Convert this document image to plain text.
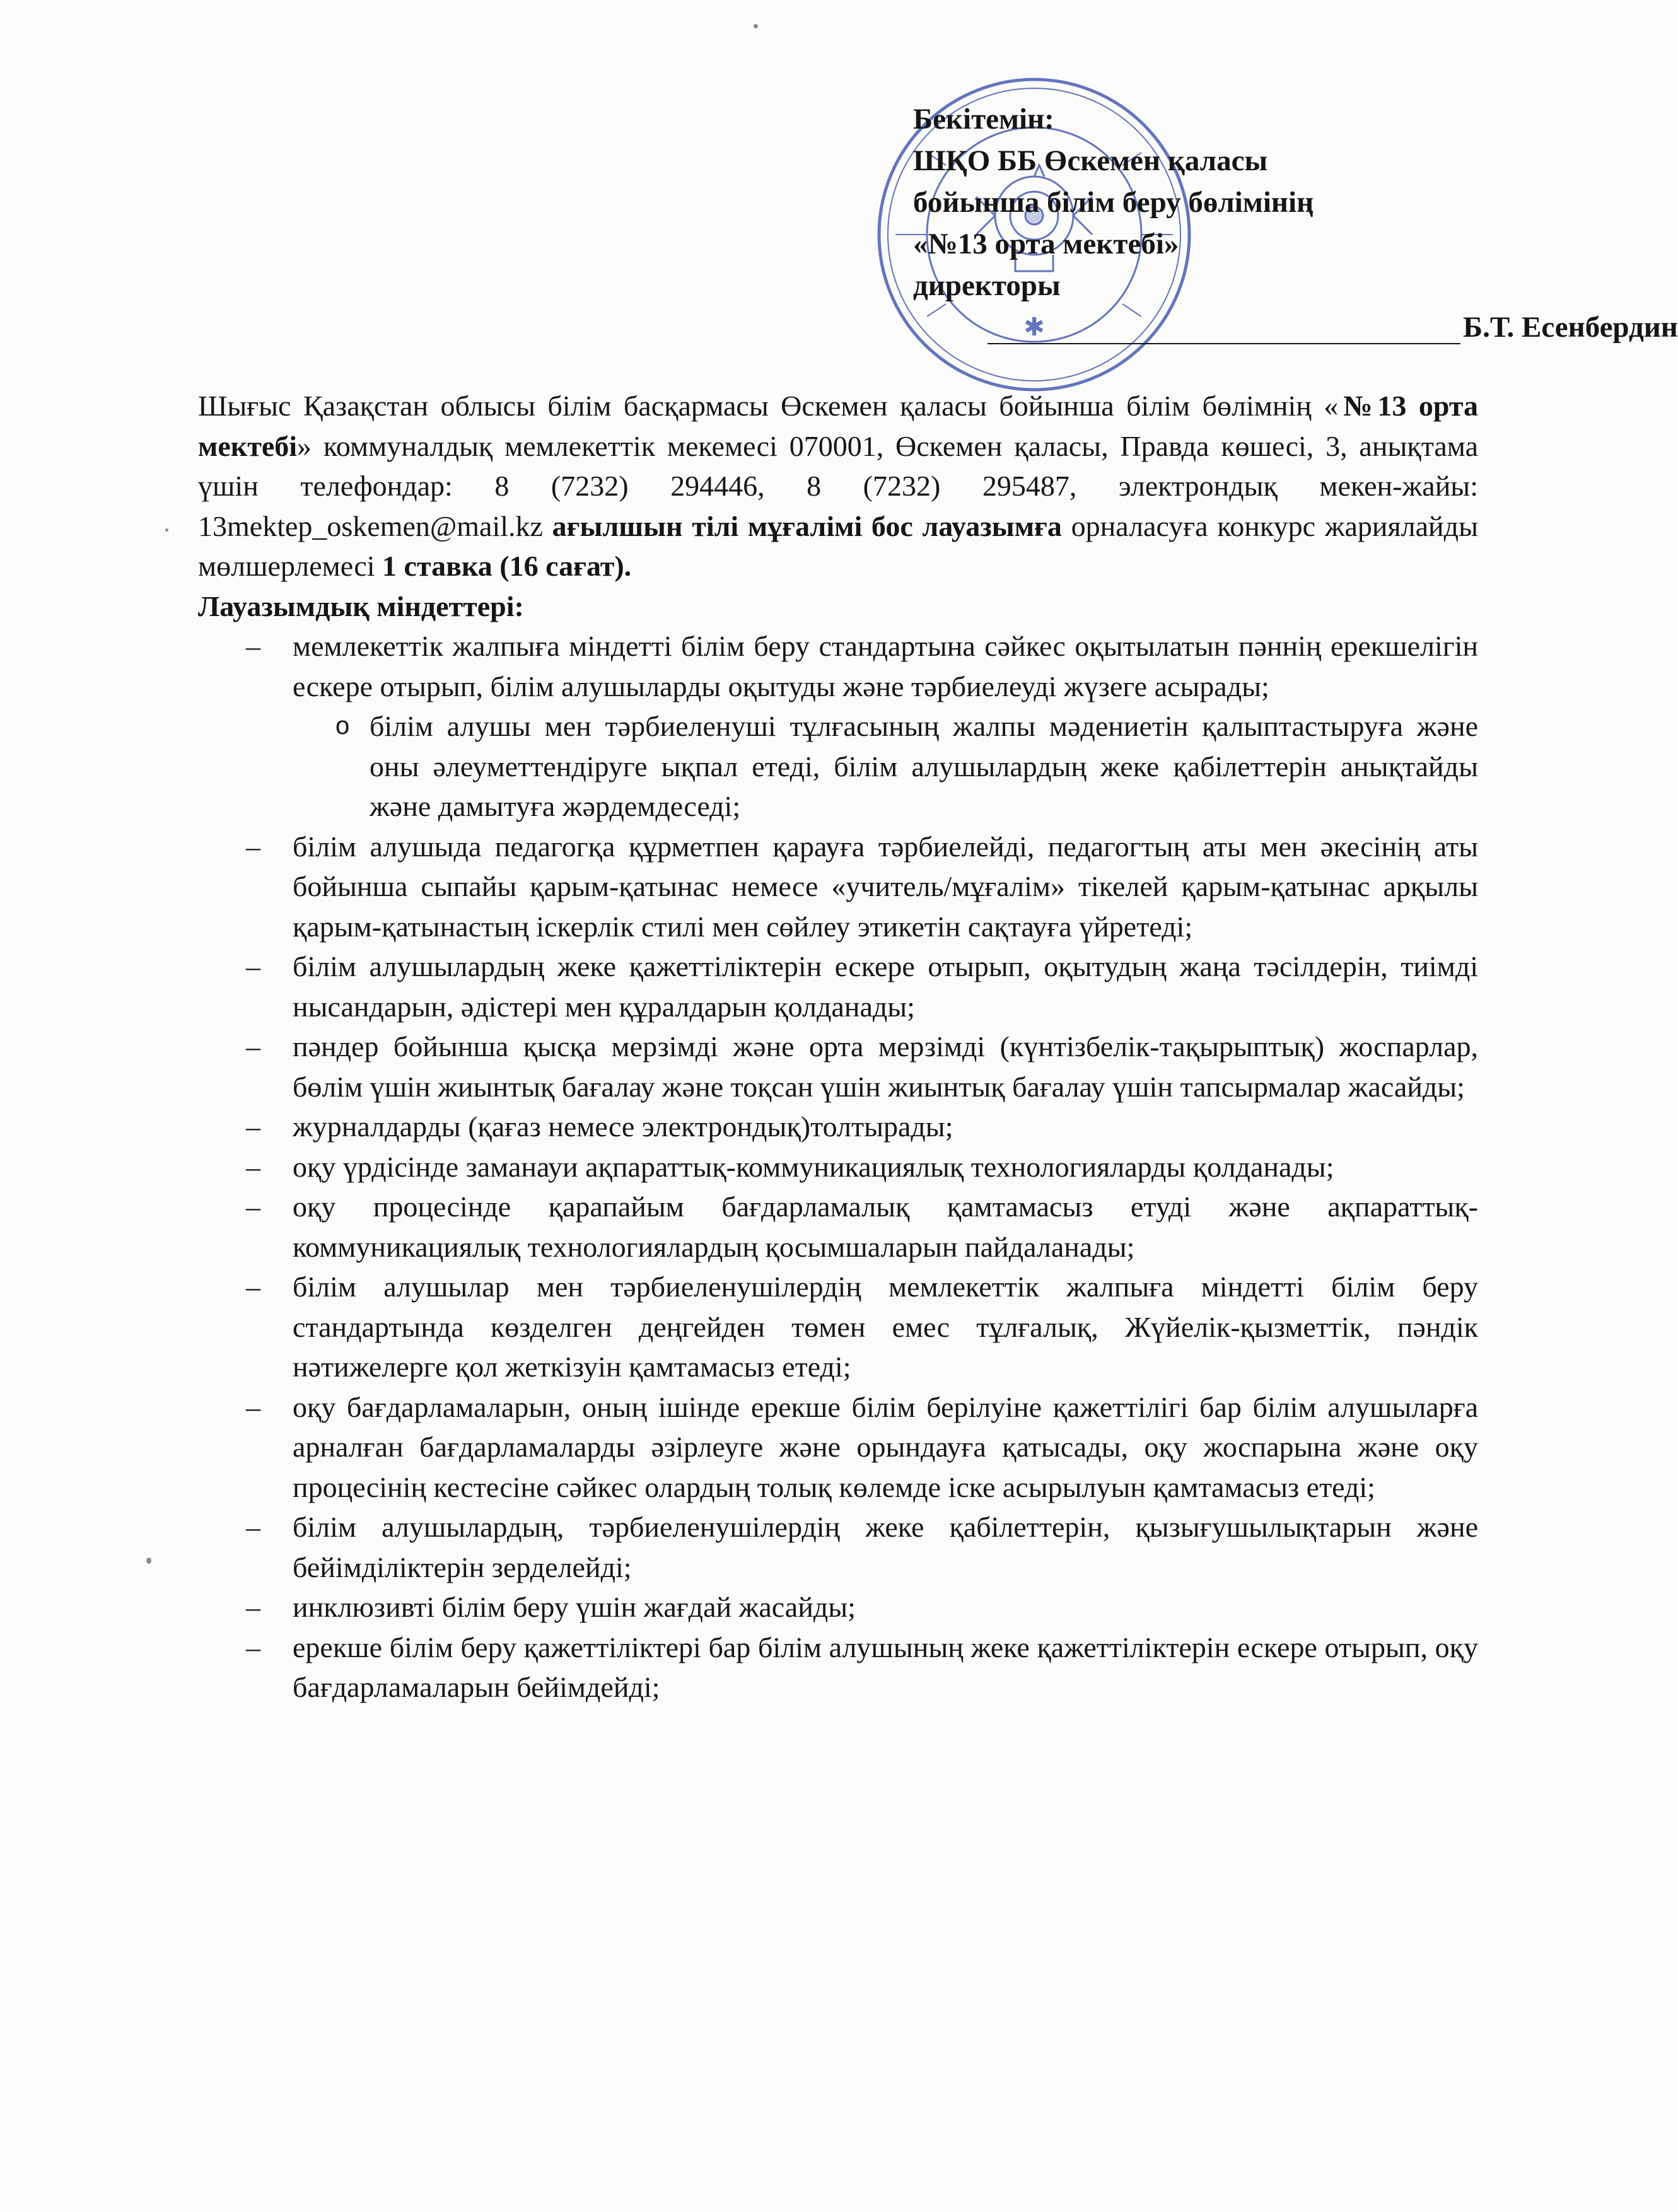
✱
Бекітемін:
ШҚО ББ Өскемен қаласы
бойынша білім беру бөлімінің
«№13 орта мектебі»
директоры
Б.Т. Есенбердин

Шығыс Қазақстан облысы білім басқармасы Өскемен қаласы бойынша білім бөлімнің «№13 орта мектебі» коммуналдық мемлекеттік мекемесі 070001, Өскемен қаласы, Правда көшесі, 3, анықтама үшін телефондар: 8 (7232) 294446, 8 (7232) 295487, электрондық мекен-жайы: 13mektep_oskemen@mail.kz ағылшын тілі мұғалімі бос лауазымға орналасуға конкурс жариялайды мөлшерлемесі 1 ставка (16 сағат).

Лауазымдық міндеттері:

– мемлекеттік жалпыға міндетті білім беру стандартына сәйкес оқытылатын пәннің ерекшелігін ескере отырып, білім алушыларды оқытуды және тәрбиелеуді жүзеге асырады;
o білім алушы мен тәрбиеленуші тұлғасының жалпы мәдениетін қалыптастыруға және оны әлеуметтендіруге ықпал етеді, білім алушылардың жеке қабілеттерін анықтайды және дамытуға жәрдемдеседі;
– білім алушыда педагогқа құрметпен қарауға тәрбиелейді, педагогтың аты мен әкесінің аты бойынша сыпайы қарым-қатынас немесе «учитель/мұғалім» тікелей қарым-қатынас арқылы қарым-қатынастың іскерлік стилі мен сөйлеу этикетін сақтауға үйретеді;
– білім алушылардың жеке қажеттіліктерін ескере отырып, оқытудың жаңа тәсілдерін, тиімді нысандарын, әдістері мен құралдарын қолданады;
– пәндер бойынша қысқа мерзімді және орта мерзімді (күнтізбелік-тақырыптық) жоспарлар, бөлім үшін жиынтық бағалау және тоқсан үшін жиынтық бағалау үшін тапсырмалар жасайды;
– журналдарды (қағаз немесе электрондық)толтырады;
– оқу үрдісінде заманауи ақпараттық-коммуникациялық технологияларды қолданады;
– оқу процесінде қарапайым бағдарламалық қамтамасыз етуді және ақпараттық-коммуникациялық технологиялардың қосымшаларын пайдаланады;
– білім алушылар мен тәрбиеленушілердің мемлекеттік жалпыға міндетті білім беру стандартында көзделген деңгейден төмен емес тұлғалық, Жүйелік-қызметтік, пәндік нәтижелерге қол жеткізуін қамтамасыз етеді;
– оқу бағдарламаларын, оның ішінде ерекше білім берілуіне қажеттілігі бар білім алушыларға арналған бағдарламаларды әзірлеуге және орындауға қатысады, оқу жоспарына және оқу процесінің кестесіне сәйкес олардың толық көлемде іске асырылуын қамтамасыз етеді;
– білім алушылардың, тәрбиеленушілердің жеке қабілеттерін, қызығушылықтарын және бейімділіктерін зерделейді;
– инклюзивті білім беру үшін жағдай жасайды;
– ерекше білім беру қажеттіліктері бар білім алушының жеке қажеттіліктерін ескере отырып, оқу бағдарламаларын бейімдейді;
